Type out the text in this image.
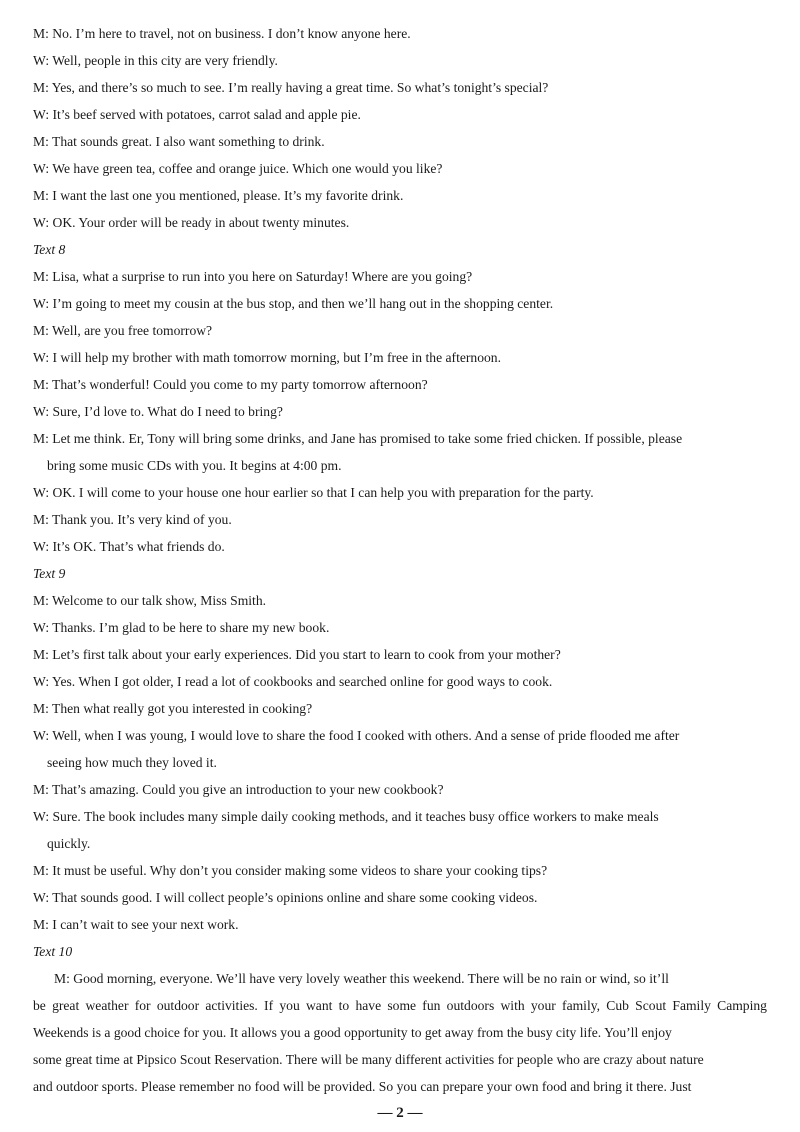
M: No. I’m here to travel, not on business. I don’t know anyone here.

W: Well, people in this city are very friendly.

M: Yes, and there’s so much to see. I’m really having a great time. So what’s tonight’s special?

W: It’s beef served with potatoes, carrot salad and apple pie.

M: That sounds great. I also want something to drink.

W: We have green tea, coffee and orange juice. Which one would you like?

M: I want the last one you mentioned, please. It’s my favorite drink.

W: OK. Your order will be ready in about twenty minutes.

Text 8

M: Lisa, what a surprise to run into you here on Saturday! Where are you going?

W: I’m going to meet my cousin at the bus stop, and then we’ll hang out in the shopping center.

M: Well, are you free tomorrow?

W: I will help my brother with math tomorrow morning, but I’m free in the afternoon.

M: That’s wonderful! Could you come to my party tomorrow afternoon?

W: Sure, I’d love to. What do I need to bring?

M: Let me think. Er, Tony will bring some drinks, and Jane has promised to take some fried chicken. If possible, please

bring some music CDs with you. It begins at 4:00 pm.

W: OK. I will come to your house one hour earlier so that I can help you with preparation for the party.

M: Thank you. It’s very kind of you.

W: It’s OK. That’s what friends do.

Text 9

M: Welcome to our talk show, Miss Smith.

W: Thanks. I’m glad to be here to share my new book.

M: Let’s first talk about your early experiences. Did you start to learn to cook from your mother?

W: Yes. When I got older, I read a lot of cookbooks and searched online for good ways to cook.

M: Then what really got you interested in cooking?

W: Well, when I was young, I would love to share the food I cooked with others. And a sense of pride flooded me after

seeing how much they loved it.

M: That’s amazing. Could you give an introduction to your new cookbook?

W: Sure. The book includes many simple daily cooking methods, and it teaches busy office workers to make meals

quickly.

M: It must be useful. Why don’t you consider making some videos to share your cooking tips?

W: That sounds good. I will collect people’s opinions online and share some cooking videos.

M: I can’t wait to see your next work.

Text 10

M: Good morning, everyone. We’ll have very lovely weather this weekend. There will be no rain or wind, so it’ll

be great weather for outdoor activities. If you want to have some fun outdoors with your family, Cub Scout Family Camping

Weekends is a good choice for you. It allows you a good opportunity to get away from the busy city life. You’ll enjoy

some great time at Pipsico Scout Reservation. There will be many different activities for people who are crazy about nature

and outdoor sports. Please remember no food will be provided. So you can prepare your own food and bring it there. Just

— 2 —
